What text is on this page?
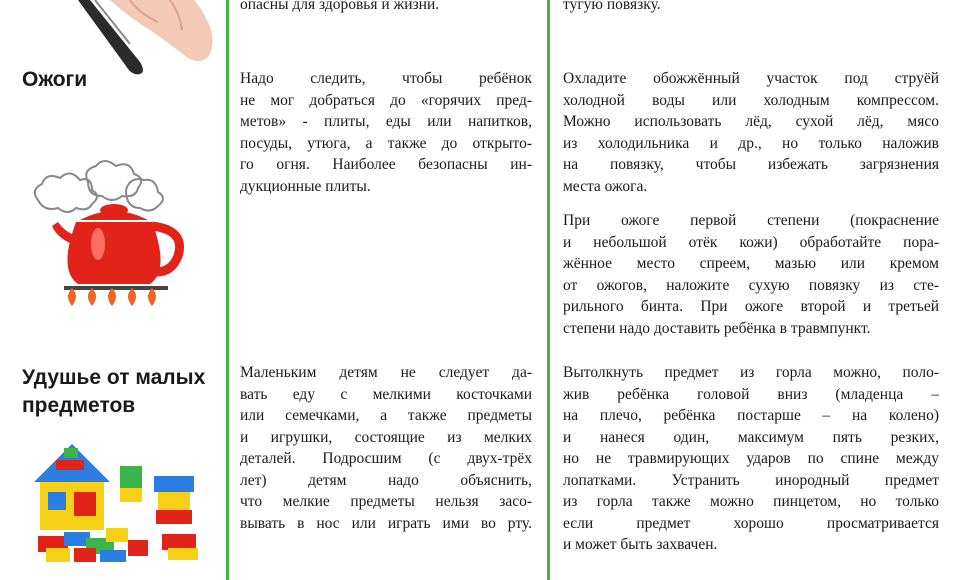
Ожоги
Удушье от малых
предметов
опасны для здоровья и жизни.
Надо следить, чтобы ребёнок
не мог добраться до «горячих пред-
метов» - плиты, еды или напитков,
посуды, утюга, а также до открыто-
го огня. Наиболее безопасны ин-
дукционные плиты.
Маленьким детям не следует да-
вать еду с мелкими косточками
или семечками, а также предметы
и игрушки, состоящие из мелких
деталей. Подросшим (с двух-трёх
лет) детям надо объяснить,
что мелкие предметы нельзя засо-
вывать в нос или играть ими во рту.
тугую повязку.
Охладите обожжённый участок под струёй
холодной воды или холодным компрессом.
Можно использовать лёд, сухой лёд, мясо
из холодильника и др., но только наложив
на повязку, чтобы избежать загрязнения
места ожога.
При ожоге первой степени (покраснение
и небольшой отёк кожи) обработайте пора-
жённое место спреем, мазью или кремом
от ожогов, наложите сухую повязку из сте-
рильного бинта. При ожоге второй и третьей
степени надо доставить ребёнка в травмпункт.
Вытолкнуть предмет из горла можно, поло-
жив ребёнка головой вниз (младенца –
на плечо, ребёнка постарше – на колено)
и нанеся один, максимум пять резких,
но не травмирующих ударов по спине между
лопатками. Устранить инородный предмет
из горла также можно пинцетом, но только
если предмет хорошо просматривается
и может быть захвачен.
